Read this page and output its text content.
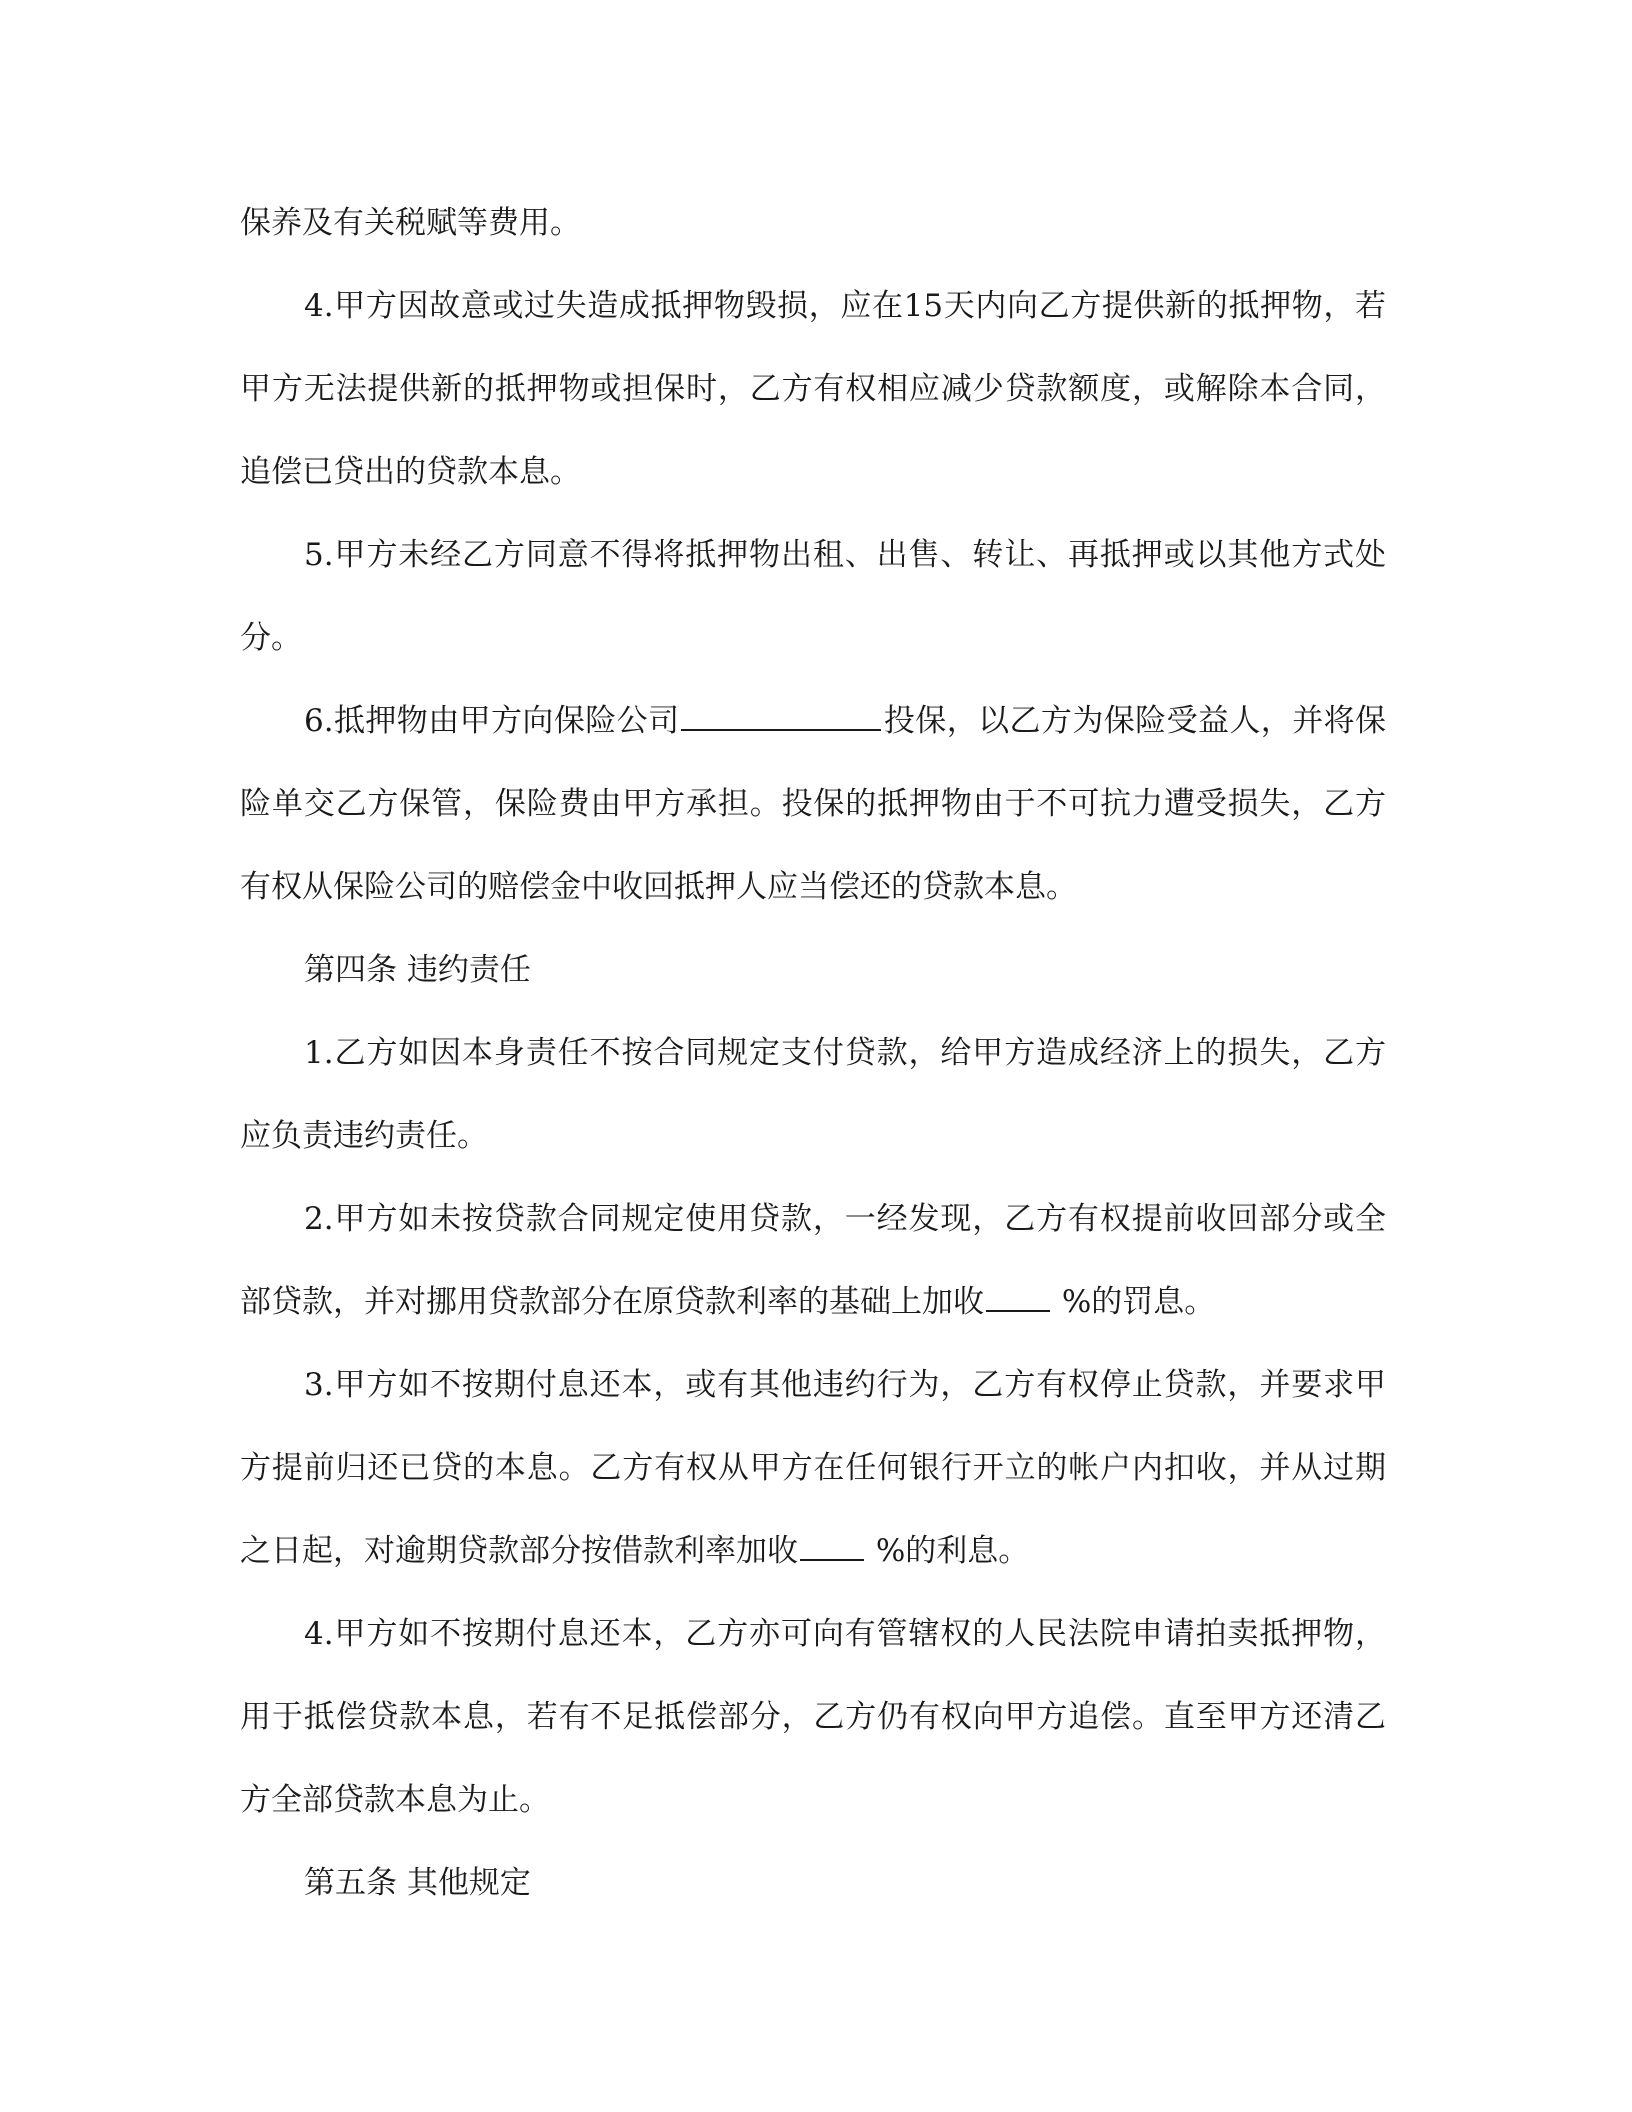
保养及有关税赋等费用。

4.甲方因故意或过失造成抵押物毁损，应在15天内向乙方提供新的抵押物，若甲方无法提供新的抵押物或担保时，乙方有权相应减少贷款额度，或解除本合同，追偿已贷出的贷款本息。

5.甲方未经乙方同意不得将抵押物出租、出售、转让、再抵押或以其他方式处分。

6.抵押物由甲方向保险公司	投保，以乙方为保险受益人，并将保险单交乙方保管，保险费由甲方承担。投保的抵押物由于不可抗力遭受损失，乙方有权从保险公司的赔偿金中收回抵押人应当偿还的贷款本息。

第四条 违约责任

1.乙方如因本身责任不按合同规定支付贷款，给甲方造成经济上的损失，乙方应负责违约责任。

2.甲方如未按贷款合同规定使用贷款，一经发现，乙方有权提前收回部分或全部贷款，并对挪用贷款部分在原贷款利率的基础上加收 %的罚息。

3.甲方如不按期付息还本，或有其他违约行为，乙方有权停止贷款，并要求甲方提前归还已贷的本息。乙方有权从甲方在任何银行开立的帐户内扣收，并从过期之日起，对逾期贷款部分按借款利率加收 %的利息。

4.甲方如不按期付息还本，乙方亦可向有管辖权的人民法院申请拍卖抵押物，用于抵偿贷款本息，若有不足抵偿部分，乙方仍有权向甲方追偿。直至甲方还清乙方全部贷款本息为止。

第五条 其他规定
